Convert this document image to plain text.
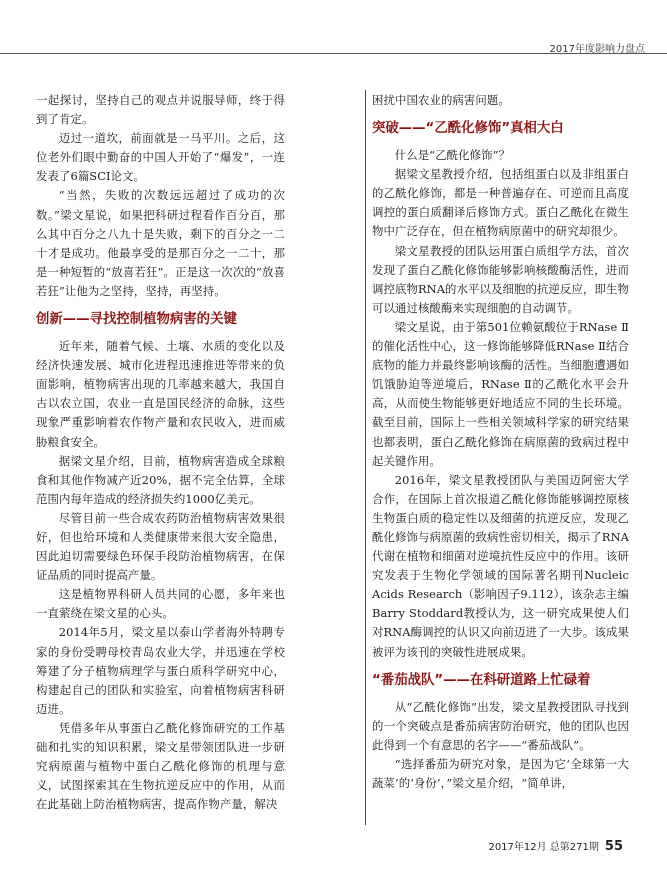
2017年度影响力盘点

一起探讨，坚持自己的观点并说服导师，终于得到了肯定。

迈过一道坎，前面就是一马平川。之后，这位老外们眼中勤奋的中国人开始了“爆发”，一连发表了6篇SCI论文。

“当然，失败的次数远远超过了成功的次数。”梁文星说，如果把科研过程看作百分百，那么其中百分之八九十是失败，剩下的百分之一二十才是成功。他最享受的是那百分之一二十，那是一种短暂的“放喜若狂”。正是这一次次的“放喜若狂”让他为之坚持，坚持，再坚持。

创新——寻找控制植物病害的关键

近年来，随着气候、土壤、水质的变化以及经济快速发展、城市化进程迅速推进等带来的负面影响，植物病害出现的几率越来越大，我国自古以农立国，农业一直是国民经济的命脉，这些现象严重影响着农作物产量和农民收入，进而威胁粮食安全。

据梁文星介绍，目前，植物病害造成全球粮食和其他作物减产近20%，据不完全估算，全球范围内每年造成的经济损失约1000亿美元。

尽管目前一些合成农药防治植物病害效果很好，但也给环境和人类健康带来很大安全隐患，因此迫切需要绿色环保手段防治植物病害，在保证品质的同时提高产量。

这是植物界科研人员共同的心愿，多年来也一直萦绕在梁文星的心头。

2014年5月，梁文星以泰山学者海外特聘专家的身份受聘母校青岛农业大学，并迅速在学校筹建了分子植物病理学与蛋白质科学研究中心，构建起自己的团队和实验室，向着植物病害科研迈进。

凭借多年从事蛋白乙酰化修饰研究的工作基础和扎实的知识积累，梁文星带领团队进一步研究病原菌与植物中蛋白乙酰化修饰的机理与意义，试图探索其在生物抗逆反应中的作用，从而在此基础上防治植物病害，提高作物产量，解决

困扰中国农业的病害问题。

突破——“乙酰化修饰”真相大白

什么是“乙酰化修饰”？

据梁文星教授介绍，包括组蛋白以及非组蛋白的乙酰化修饰，都是一种普遍存在、可逆而且高度调控的蛋白质翻译后修饰方式。蛋白乙酰化在微生物中广泛存在，但在植物病原菌中的研究却很少。

梁文星教授的团队运用蛋白质组学方法，首次发现了蛋白乙酰化修饰能够影响核酸酶活性，进而调控底物RNA的水平以及细胞的抗逆反应，即生物可以通过核酸酶来实现细胞的自动调节。

梁文星说，由于第501位赖氨酸位于RNase Ⅱ的催化活性中心，这一修饰能够降低RNase Ⅱ结合底物的能力并最终影响该酶的活性。当细胞遭遇如饥饿胁迫等逆境后，RNase Ⅱ的乙酰化水平会升高，从而使生物能够更好地适应不同的生长环境。截至目前，国际上一些相关领域科学家的研究结果也都表明，蛋白乙酰化修饰在病原菌的致病过程中起关键作用。

2016年，梁文星教授团队与美国迈阿密大学合作，在国际上首次报道乙酰化修饰能够调控原核生物蛋白质的稳定性以及细菌的抗逆反应，发现乙酰化修饰与病原菌的致病性密切相关，揭示了RNA代谢在植物和细菌对逆境抗性反应中的作用。该研究发表于生物化学领域的国际著名期刊Nucleic Acids Research（影响因子9.112），该杂志主编Barry Stoddard教授认为，这一研究成果使人们对RNA酶调控的认识又向前迈进了一大步。该成果被评为该刊的突破性进展成果。

“番茄战队”——在科研道路上忙碌着

从“乙酰化修饰”出发，梁文星教授团队寻找到的一个突破点是番茄病害防治研究，他的团队也因此得到一个有意思的名字——“番茄战队”。

“选择番茄为研究对象，是因为它‘全球第一大蔬菜’的‘身份’，”梁文星介绍，“简单讲，

2017年12月 总第271期 55
